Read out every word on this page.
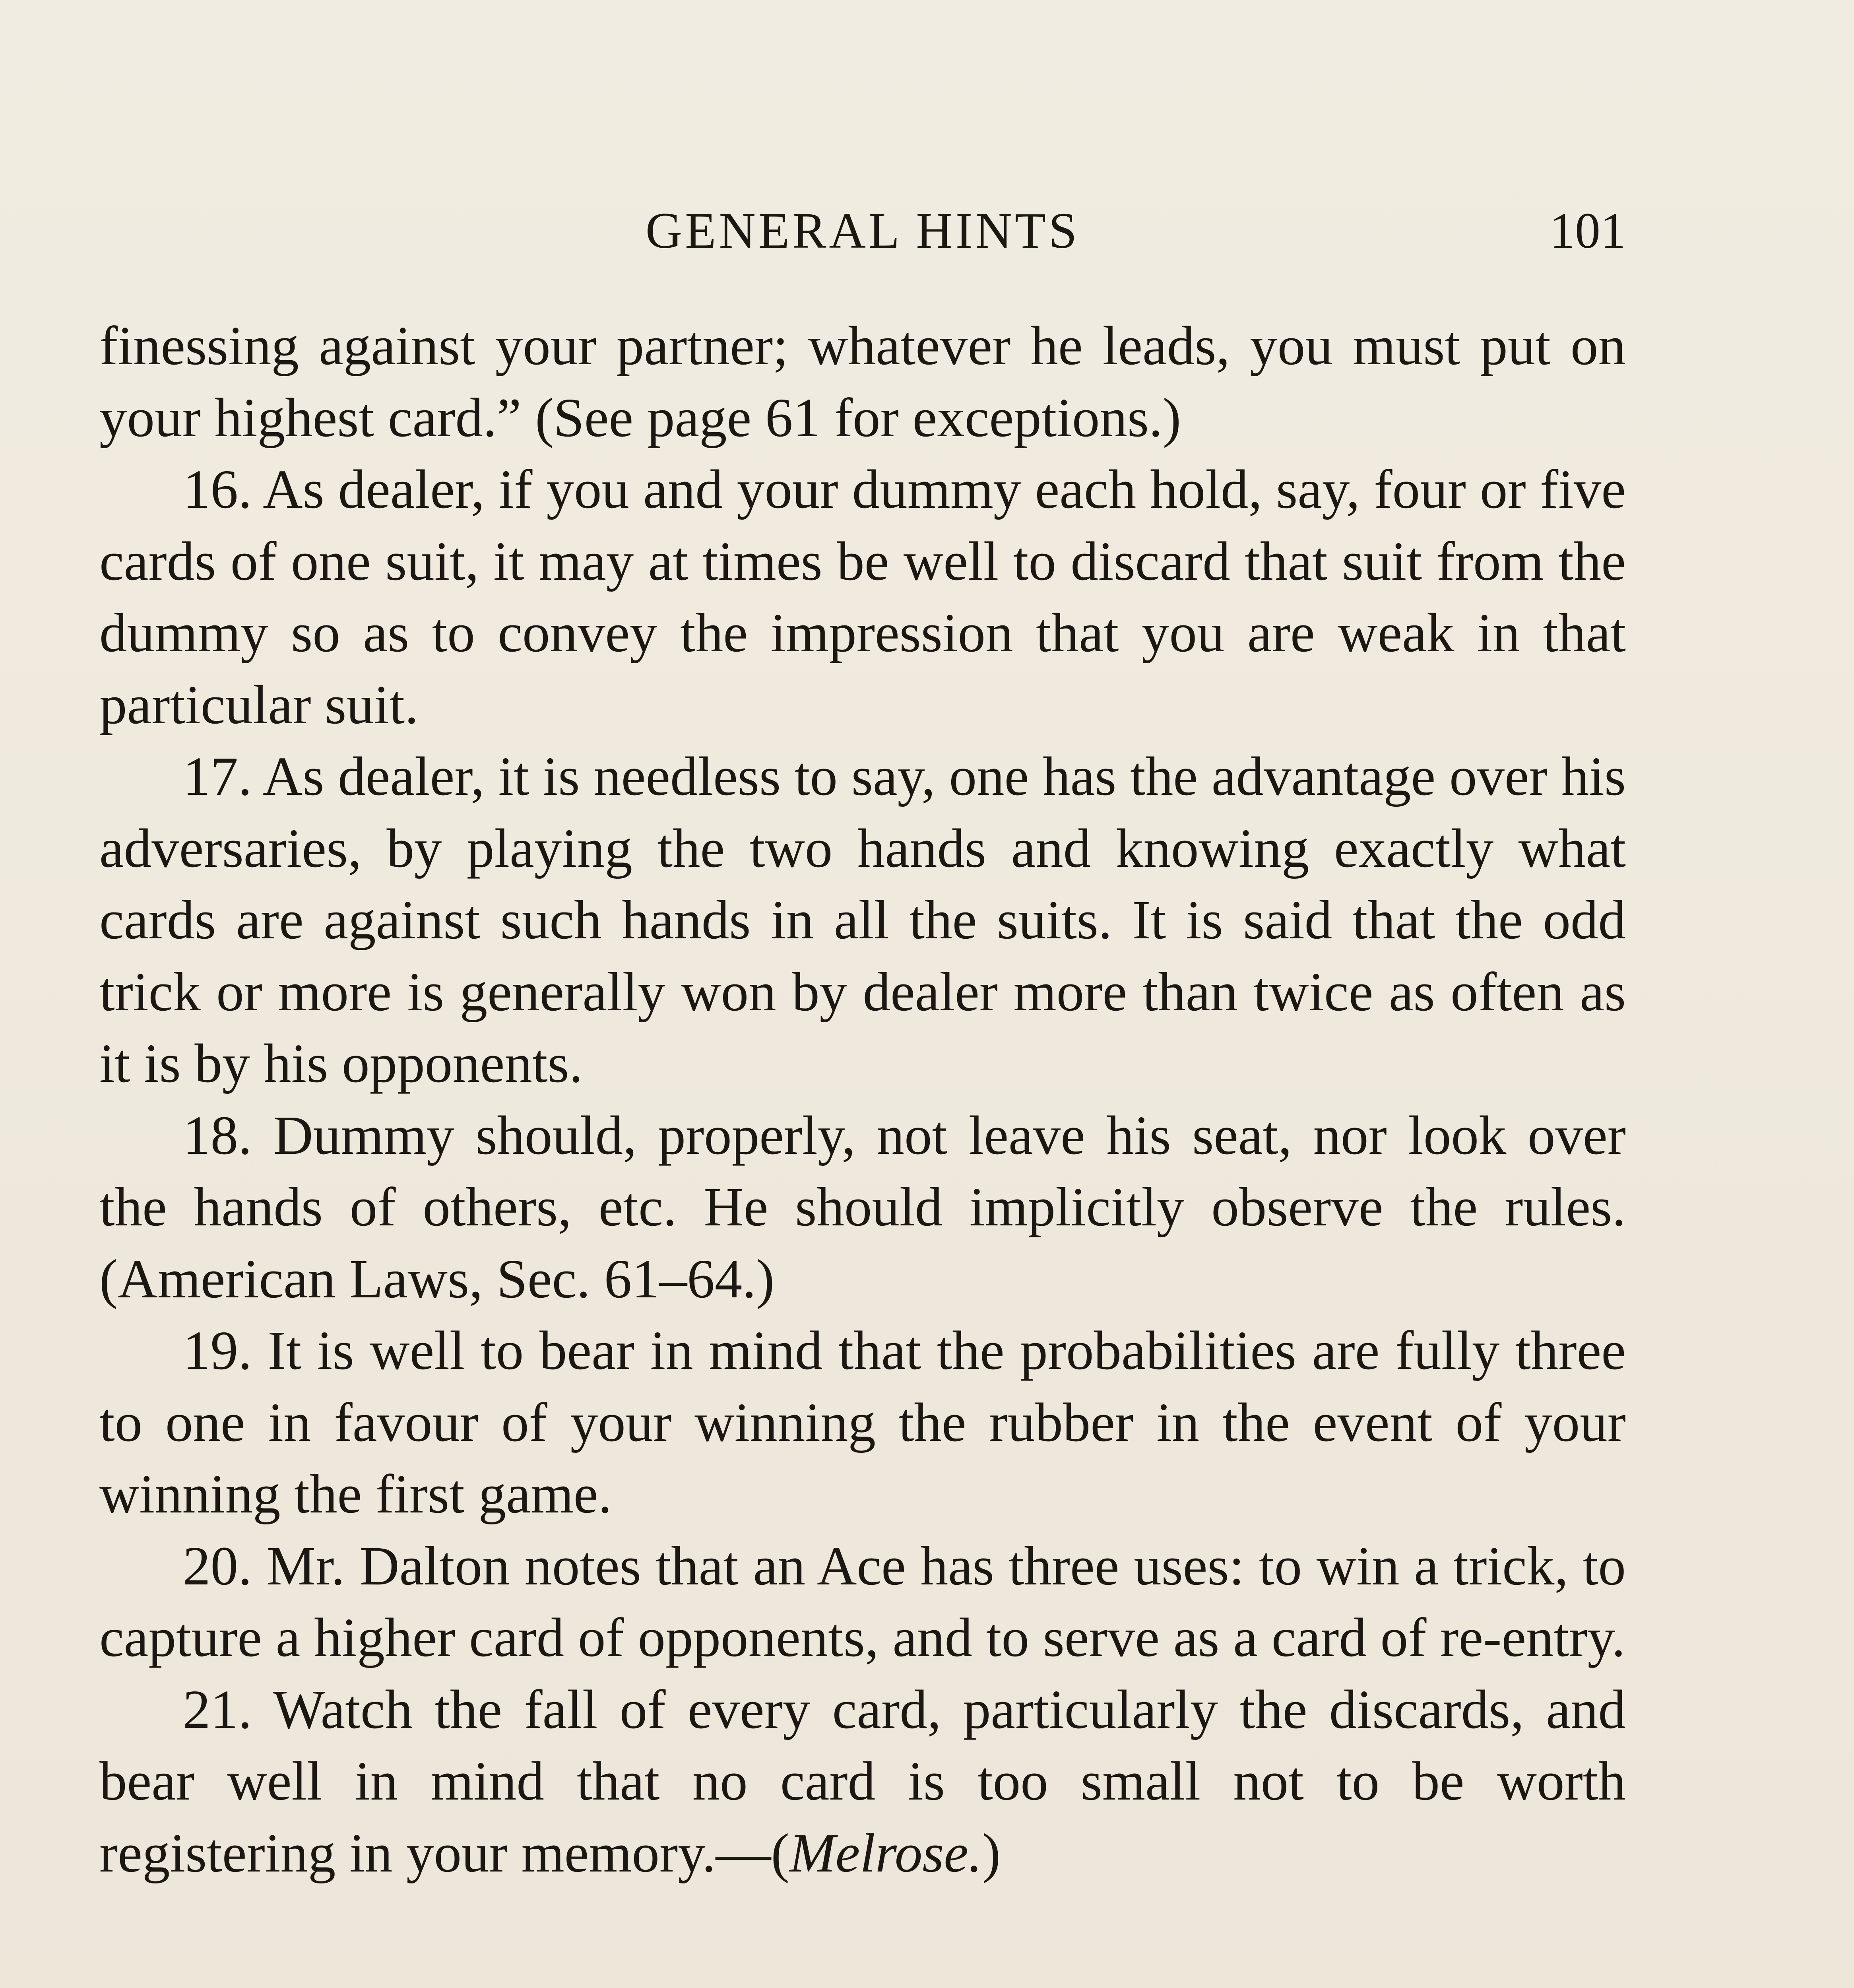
GENERAL HINTS	101

finessing against your partner; whatever he leads, you must put on your highest card.” (See page 61 for exceptions.)

16. As dealer, if you and your dummy each hold, say, four or five cards of one suit, it may at times be well to discard that suit from the dummy so as to convey the impression that you are weak in that particular suit.

17. As dealer, it is needless to say, one has the advantage over his adversaries, by playing the two hands and knowing exactly what cards are against such hands in all the suits. It is said that the odd trick or more is generally won by dealer more than twice as often as it is by his opponents.

18. Dummy should, properly, not leave his seat, nor look over the hands of others, etc. He should implicitly observe the rules. (American Laws, Sec. 61–64.)

19. It is well to bear in mind that the probabilities are fully three to one in favour of your winning the rubber in the event of your winning the first game.

20. Mr. Dalton notes that an Ace has three uses: to win a trick, to capture a higher card of opponents, and to serve as a card of re-entry.

21. Watch the fall of every card, particularly the discards, and bear well in mind that no card is too small not to be worth registering in your memory.—(Melrose.)
